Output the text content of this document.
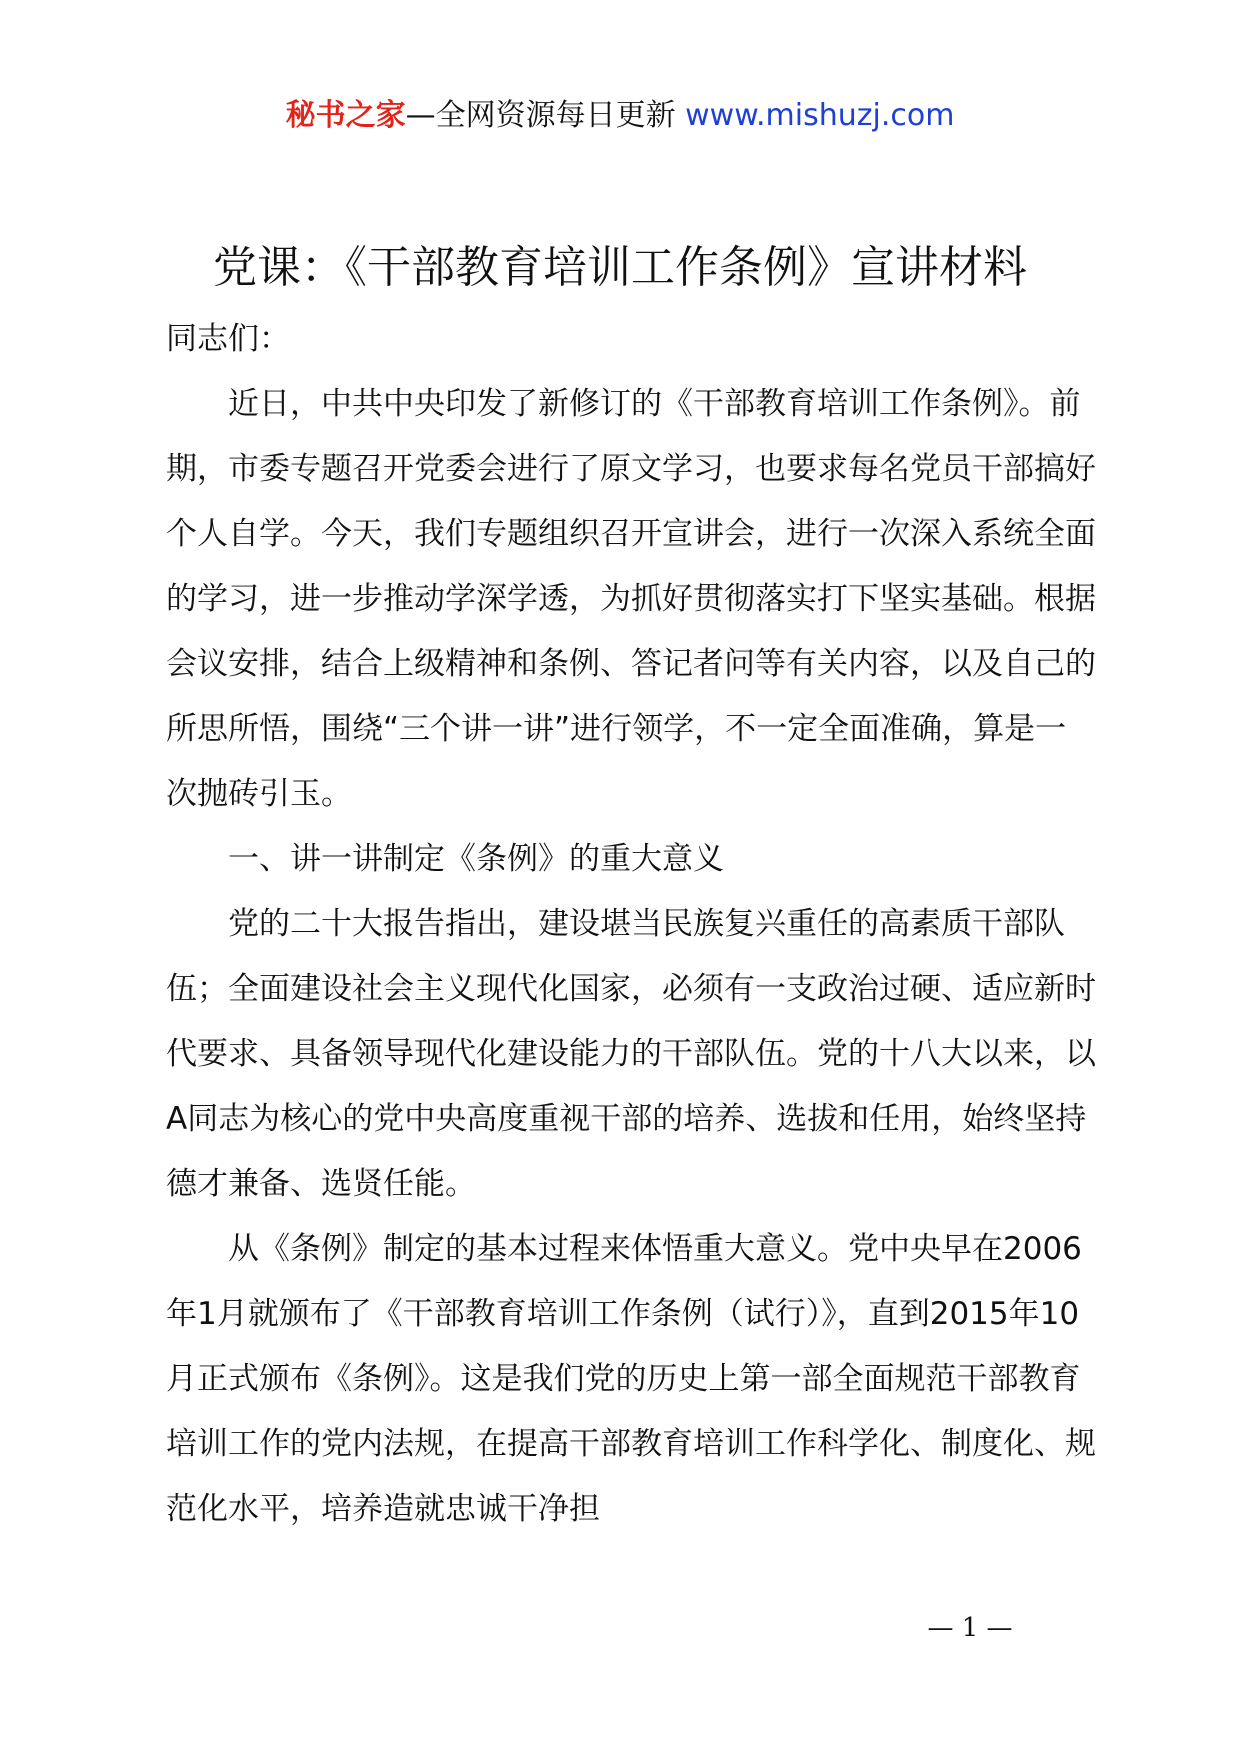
秘书之家—全网资源每日更新 www.mishuzj.com
党课：《干部教育培训工作条例》宣讲材料

同志们：

近日，中共中央印发了新修订的《干部教育培训工作条例》。前期，市委专题召开党委会进行了原文学习，也要求每名党员干部搞好个人自学。今天，我们专题组织召开宣讲会，进行一次深入系统全面的学习，进一步推动学深学透，为抓好贯彻落实打下坚实基础。根据会议安排，结合上级精神和条例、答记者问等有关内容，以及自己的所思所悟，围绕“三个讲一讲”进行领学，不一定全面准确，算是一次抛砖引玉。

一、讲一讲制定《条例》的重大意义

党的二十大报告指出，建设堪当民族复兴重任的高素质干部队伍；全面建设社会主义现代化国家，必须有一支政治过硬、适应新时代要求、具备领导现代化建设能力的干部队伍。党的十八大以来，以A同志为核心的党中央高度重视干部的培养、选拔和任用，始终坚持德才兼备、选贤任能。

从《条例》制定的基本过程来体悟重大意义。党中央早在2006年1月就颁布了《干部教育培训工作条例（试行）》，直到2015年10月正式颁布《条例》。这是我们党的历史上第一部全面规范干部教育培训工作的党内法规，在提高干部教育培训工作科学化、制度化、规范化水平，培养造就忠诚干净担

— 1 —
